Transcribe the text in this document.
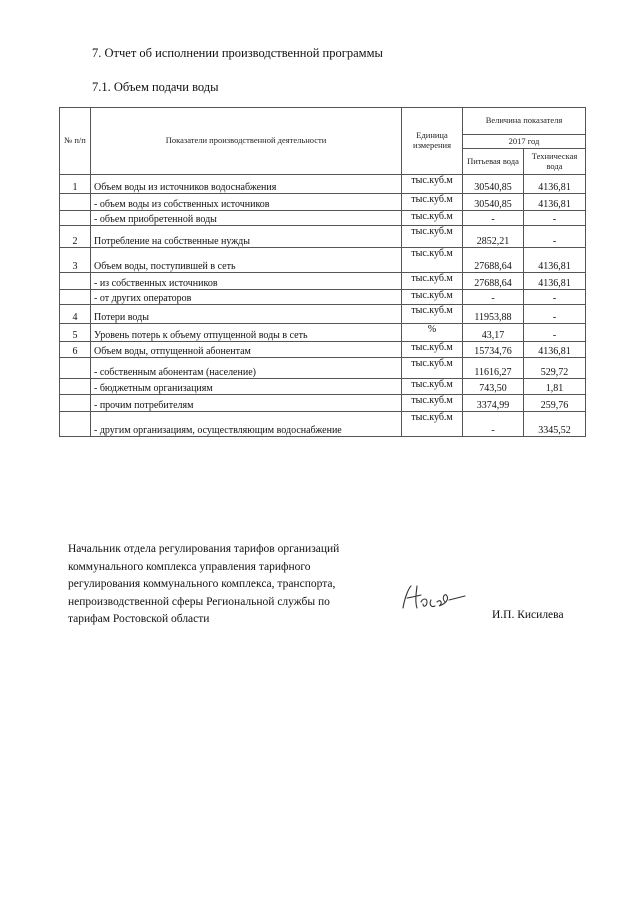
7. Отчет об исполнении производственной программы
7.1. Объем подачи воды
№ п/п	Показатели производственной деятельности	Единица измерения	Величина показателя	
			2017 год	
			Питьевая вода	Техническая вода
1	Объем воды из источников водоснабжения	тыс.куб.м	30540,85	4136,81
	- объем воды из собственных источников	тыс.куб.м	30540,85	4136,81
	- объем приобретенной воды	тыс.куб.м	-	-
2	Потребление на собственные нужды	тыс.куб.м	2852,21	-
3	Объем воды, поступившей в сеть	тыс.куб.м	27688,64	4136,81
	- из собственных источников	тыс.куб.м	27688,64	4136,81
	- от других операторов	тыс.куб.м	-	-
4	Потери воды	тыс.куб.м	11953,88	-
5	Уровень потерь к объему отпущенной воды в сеть	%	43,17	-
6	Объем воды, отпущенной абонентам	тыс.куб.м	15734,76	4136,81
	- собственным абонентам (население)	тыс.куб.м	11616,27	529,72
	- бюджетным организациям	тыс.куб.м	743,50	1,81
	- прочим потребителям	тыс.куб.м	3374,99	259,76
	- другим организациям, осуществляющим водоснабжение	тыс.куб.м	-	3345,52
Начальник отдела регулирования тарифов организаций
коммунального комплекса управления тарифного
регулирования коммунального комплекса, транспорта,
непроизводственной сферы Региональной службы по
тарифам Ростовской области	И.П. Кисилева
